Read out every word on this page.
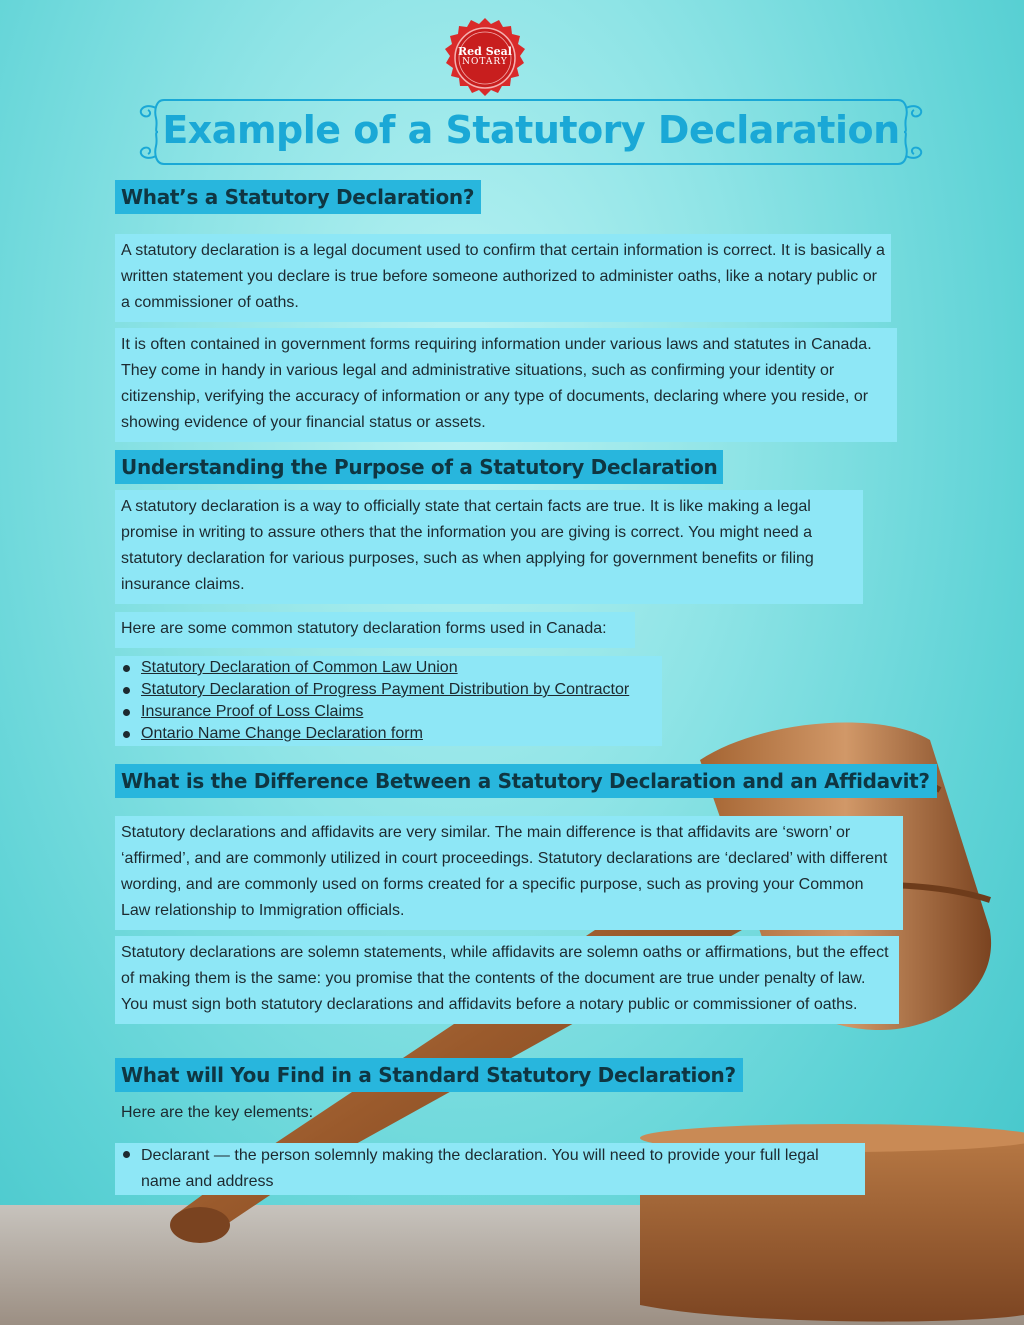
Red Seal
NOTARY
Example of a Statutory Declaration
What’s a Statutory Declaration?

A statutory declaration is a legal document used to confirm that certain information is correct. It is basically a written statement you declare is true before someone authorized to administer oaths, like a notary public or a commissioner of oaths.

It is often contained in government forms requiring information under various laws and statutes in Canada. They come in handy in various legal and administrative situations, such as confirming your identity or citizenship, verifying the accuracy of information or any type of documents, declaring where you reside, or showing evidence of your financial status or assets.

Understanding the Purpose of a Statutory Declaration

A statutory declaration is a way to officially state that certain facts are true. It is like making a legal promise in writing to assure others that the information you are giving is correct. You might need a statutory declaration for various purposes, such as when applying for government benefits or filing insurance claims.

Here are some common statutory declaration forms used in Canada:

Statutory Declaration of Common Law Union
Statutory Declaration of Progress Payment Distribution by Contractor
Insurance Proof of Loss Claims
Ontario Name Change Declaration form
What is the Difference Between a Statutory Declaration and an Affidavit?

Statutory declarations and affidavits are very similar. The main difference is that affidavits are ‘sworn’ or ‘affirmed’, and are commonly utilized in court proceedings. Statutory declarations are ‘declared’ with different wording, and are commonly used on forms created for a specific purpose, such as proving your Common Law relationship to Immigration officials.

Statutory declarations are solemn statements, while affidavits are solemn oaths or affirmations, but the effect of making them is the same: you promise that the contents of the document are true under penalty of law. You must sign both statutory declarations and affidavits before a notary public or commissioner of oaths.

What will You Find in a Standard Statutory Declaration?

Here are the key elements:

Declarant — the person solemnly making the declaration. You will need to provide your full legal name and address
